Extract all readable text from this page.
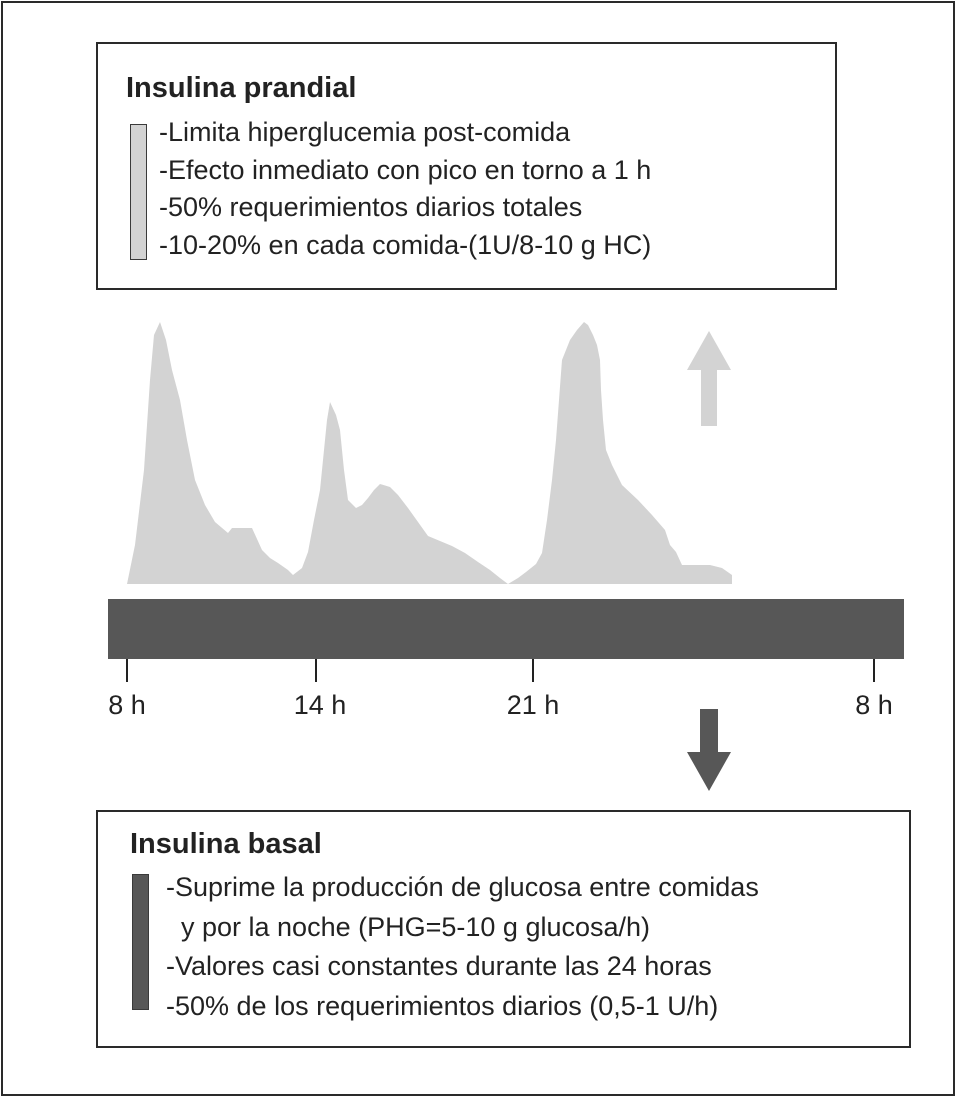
Insulina prandial
-Limita hiperglucemia post-comida
-Efecto inmediato con pico en torno a 1 h
-50% requerimientos diarios totales
-10-20% en cada comida-(1U/8-10 g HC)
8 h	14 h	21 h	8 h
Insulina basal
-Suprime la producción de glucosa entre comidas
y por la noche (PHG=5-10 g glucosa/h)
-Valores casi constantes durante las 24 horas
-50% de los requerimientos diarios (0,5-1 U/h)
